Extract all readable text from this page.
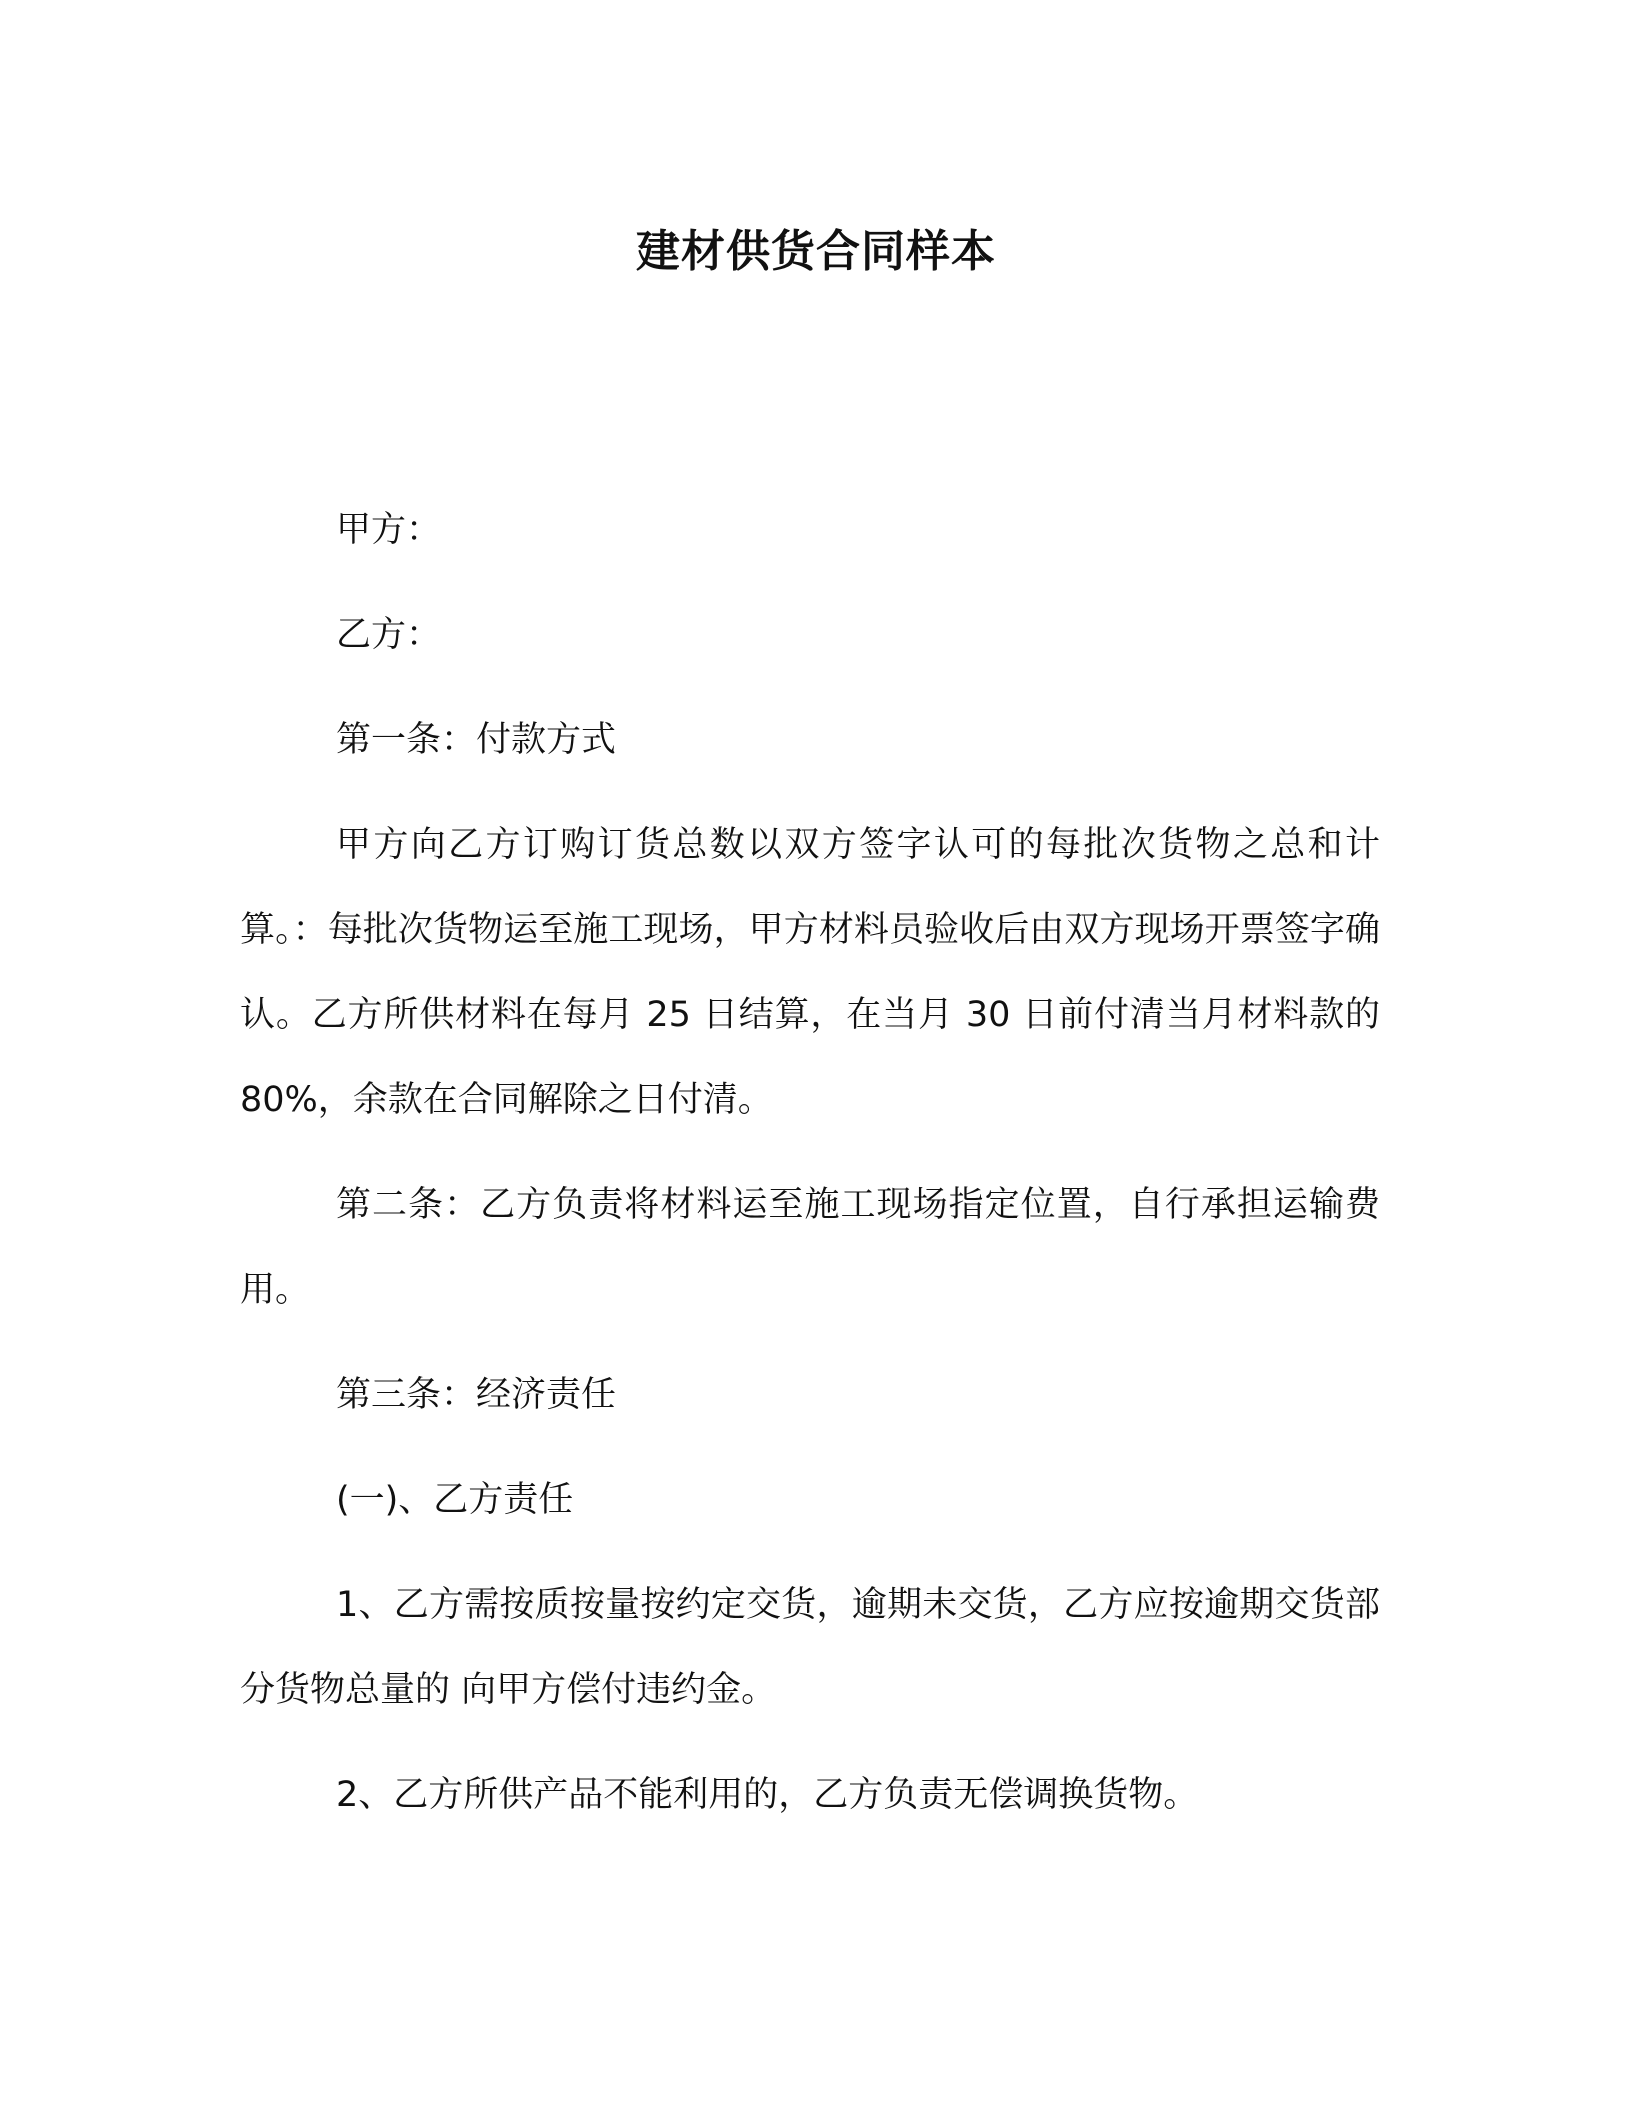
建材供货合同样本

甲方：

乙方：

第一条：付款方式

甲方向乙方订购订货总数以双方签字认可的每批次货物之总和计算。：每批次货物运至施工现场，甲方材料员验收后由双方现场开票签字确认。乙方所供材料在每月 25 日结算，在当月 30 日前付清当月材料款的 80%，余款在合同解除之日付清。

第二条：乙方负责将材料运至施工现场指定位置，自行承担运输费用。

第三条：经济责任

(一)、乙方责任

1、乙方需按质按量按约定交货，逾期未交货，乙方应按逾期交货部分货物总量的 向甲方偿付违约金。

2、乙方所供产品不能利用的，乙方负责无偿调换货物。
